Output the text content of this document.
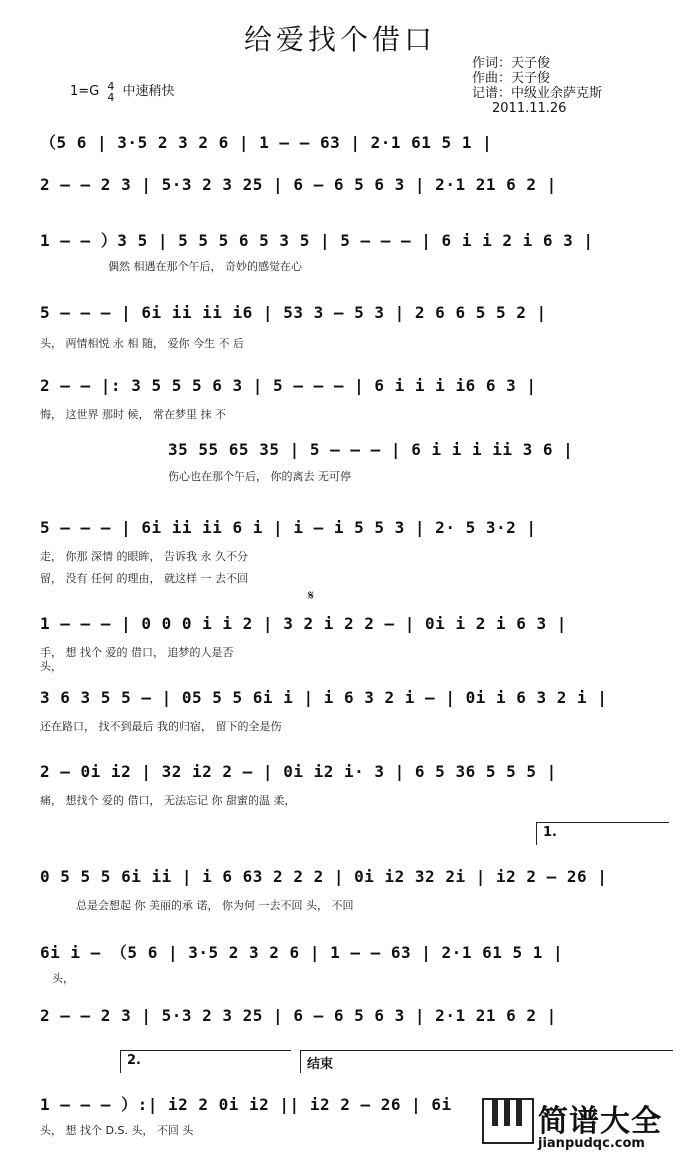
给爱找个借口
1=G 4
4 中速稍快
作词：天子俊
作曲：天子俊
记谱：中级业余萨克斯
2011.11.26
（5 6 | 3·5 2 3 2 6 | 1 — — 63 | 2·1 61 5 1 |
2 — — 2 3 | 5·3 2 3 25 | 6 — 6 5 6 3 | 2·1 21 6 2 |
1 — — ）3 5 | 5 5 5 6 5 3 5 | 5 — — — | 6 i i 2 i 6 3 |
偶然 相遇在那个午后， 奇妙的感觉在心
5 — — — | 6i ii ii i6 | 53 3 — 5 3 | 2 6 6 5 5 2 |
头， 两情相悦 永 相 随， 爱你 今生 不 后
2 — — |: 3 5 5 5 6 3 | 5 — — — | 6 i i i i6 6 3 |
悔， 这世界 那时 候， 常在梦里 抹 不
35 55 65 35 | 5 — — — | 6 i i i ii 3 6 |
伤心也在那个午后， 你的离去 无可停
5 — — — | 6i ii ii 6 i | i — i 5 5 3 | 2· 5 3·2 |
走， 你那 深情 的眼眸， 告诉我 永 久不分
留， 没有 任何 的理由， 就这样 一 去不回
1 — — — | 0 0 0 i i 2 | 3 2 i 2 2 — | 0i i 2 i 6 3 |
𝄋
手， 想 找个 爱的 借口， 追梦的人是否
头，
3 6 3 5 5 — | 05 5 5 6i i | i 6 3 2 i — | 0i i 6 3 2 i |
还在路口， 找不到最后 我的归宿， 留下的全是伤
2 — 0i i2 | 32 i2 2 — | 0i i2 i· 3 | 6 5 36 5 5 5 |
痛， 想找个 爱的 借口， 无法忘记 你 甜蜜的温 柔，
1.
0 5 5 5 6i ii | i 6 63 2 2 2 | 0i i2 32 2i | i2 2 — 26 |
总是会想起 你 美丽的承 诺， 你为何 一去不回 头， 不回
6i i — （5 6 | 3·5 2 3 2 6 | 1 — — 63 | 2·1 61 5 1 |
头，
2 — — 2 3 | 5·3 2 3 25 | 6 — 6 5 6 3 | 2·1 21 6 2 |
2.	结束
1 — — — ）:| i2 2 0i i2 || i2 2 — 26 | 6i
头， 想 找个 D.S. 头， 不回 头	简谱大全
jianpudqc.com
